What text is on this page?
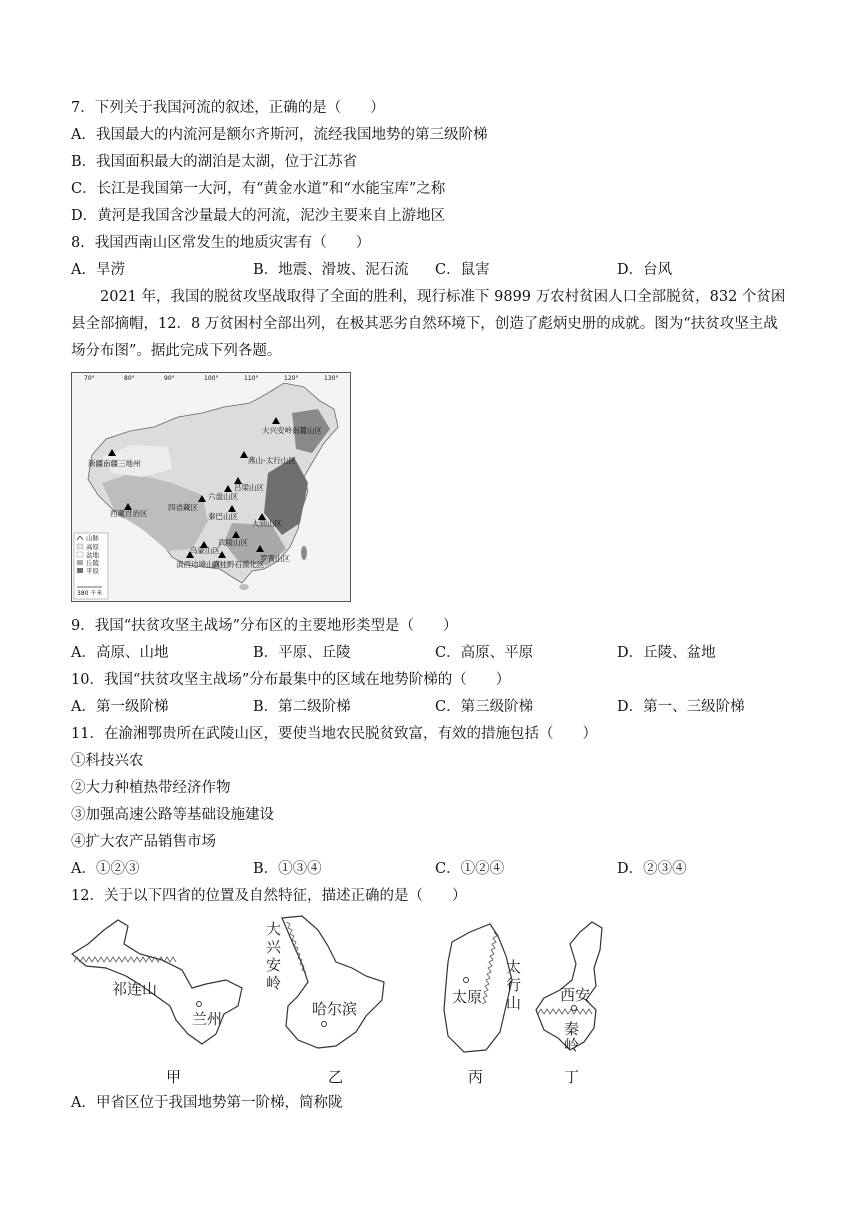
7．下列关于我国河流的叙述，正确的是（　　）
A．我国最大的内流河是额尔齐斯河，流经我国地势的第三级阶梯
B．我国面积最大的湖泊是太湖，位于江苏省
C．长江是我国第一大河，有“黄金水道”和“水能宝库”之称
D．黄河是我国含沙量最大的河流，泥沙主要来自上游地区
8．我国西南山区常发生的地质灾害有（　　）
A．旱涝	B．地震、滑坡、泥石流 C．鼠害	D．台风
2021 年，我国的脱贫攻坚战取得了全面的胜利，现行标准下 9899 万农村贫困人口全部脱贫，832 个贫困县全部摘帽，12．8 万贫困村全部出列，在极其恶劣自然环境下，创造了彪炳史册的成就。图为“扶贫攻坚主战场分布图”。据此完成下列各题。
70°	80°	90°	100°	110°	120°	130°
大兴安岭南麓山区
燕山-太行山区
新疆南疆三地州
吕梁山区
六盘山区
四省藏区
秦巴山区
西藏自治区
大别山区
武陵山区
乌蒙山区
罗霄山区
滇西边境山区
滇桂黔石漠化区
山脉
高原
盆地
丘陵
平原
380 千米
9．我国“扶贫攻坚主战场”分布区的主要地形类型是（　　）
A．高原、山地	B．平原、丘陵	C．高原、平原	D．丘陵、盆地
10．我国“扶贫攻坚主战场”分布最集中的区域在地势阶梯的（　　）
A．第一级阶梯	B．第二级阶梯	C．第三级阶梯	D．第一、三级阶梯
11．在渝湘鄂贵所在武陵山区，要使当地农民脱贫致富，有效的措施包括（　　）
①科技兴农
②大力种植热带经济作物
③加强高速公路等基础设施建设
④扩大农产品销售市场
A．①②③	B．①③④	C．①②④	D．②③④
12．关于以下四省的位置及自然特征，描述正确的是（　　）
祁连山
兰州
大
兴
安
岭
哈尔滨
太原
太
行
山	西安
秦
岭
甲	乙	丙	丁
A．甲省区位于我国地势第一阶梯，简称陇
